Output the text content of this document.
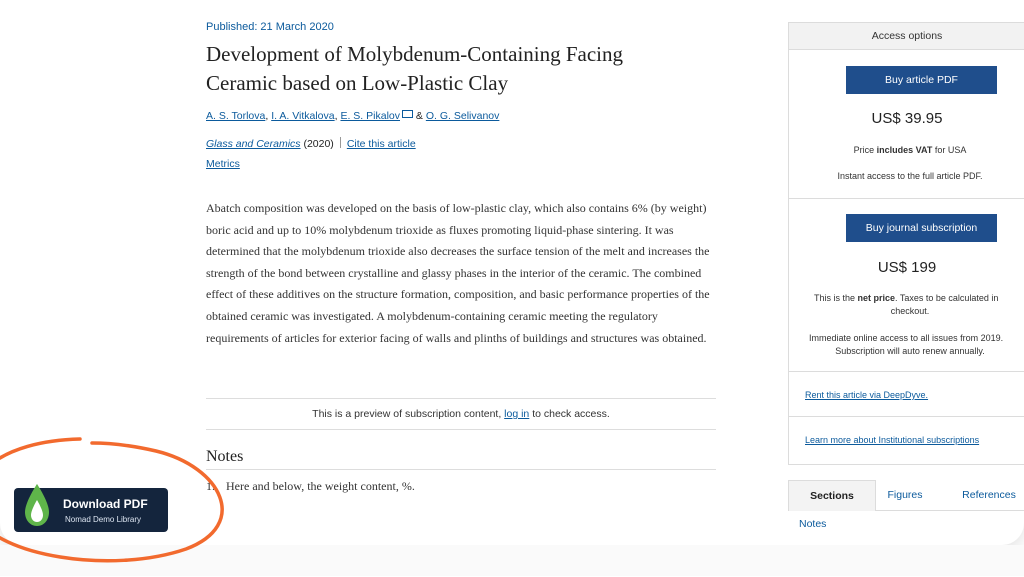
Published: 21 March 2020
Development of Molybdenum-Containing Facing
Ceramic based on Low-Plastic Clay
A. S. Torlova, I. A. Vitkalova, E. S. Pikalov & O. G. Selivanov
Glass and Ceramics (2020) Cite this article
Metrics

Abatch composition was developed on the basis of low-plastic clay, which also contains 6% (by weight) boric acid and up to 10% molybdenum trioxide as fluxes promoting liquid-phase sintering. It was determined that the molybdenum trioxide also decreases the surface tension of the melt and increases the strength of the bond between crystalline and glassy phases in the interior of the ceramic. The combined effect of these additives on the structure formation, composition, and basic performance properties of the obtained ceramic was investigated. A molybdenum-containing ceramic meeting the regulatory requirements of articles for exterior facing of walls and plinths of buildings and structures was obtained.

This is a preview of subscription content, log in to check access.
Notes
1. Here and below, the weight content, %.
Access options
Buy article PDF
US$ 39.95
Price includes VAT for USA
Instant access to the full article PDF.
Buy journal subscription
US$ 199
This is the net price. Taxes to be calculated in
checkout.
Immediate online access to all issues from 2019.
Subscription will auto renew annually.
Rent this article via DeepDyve.
Learn more about Institutional subscriptions
Sections	Figures	References
Notes
Download PDF
Nomad Demo Library
